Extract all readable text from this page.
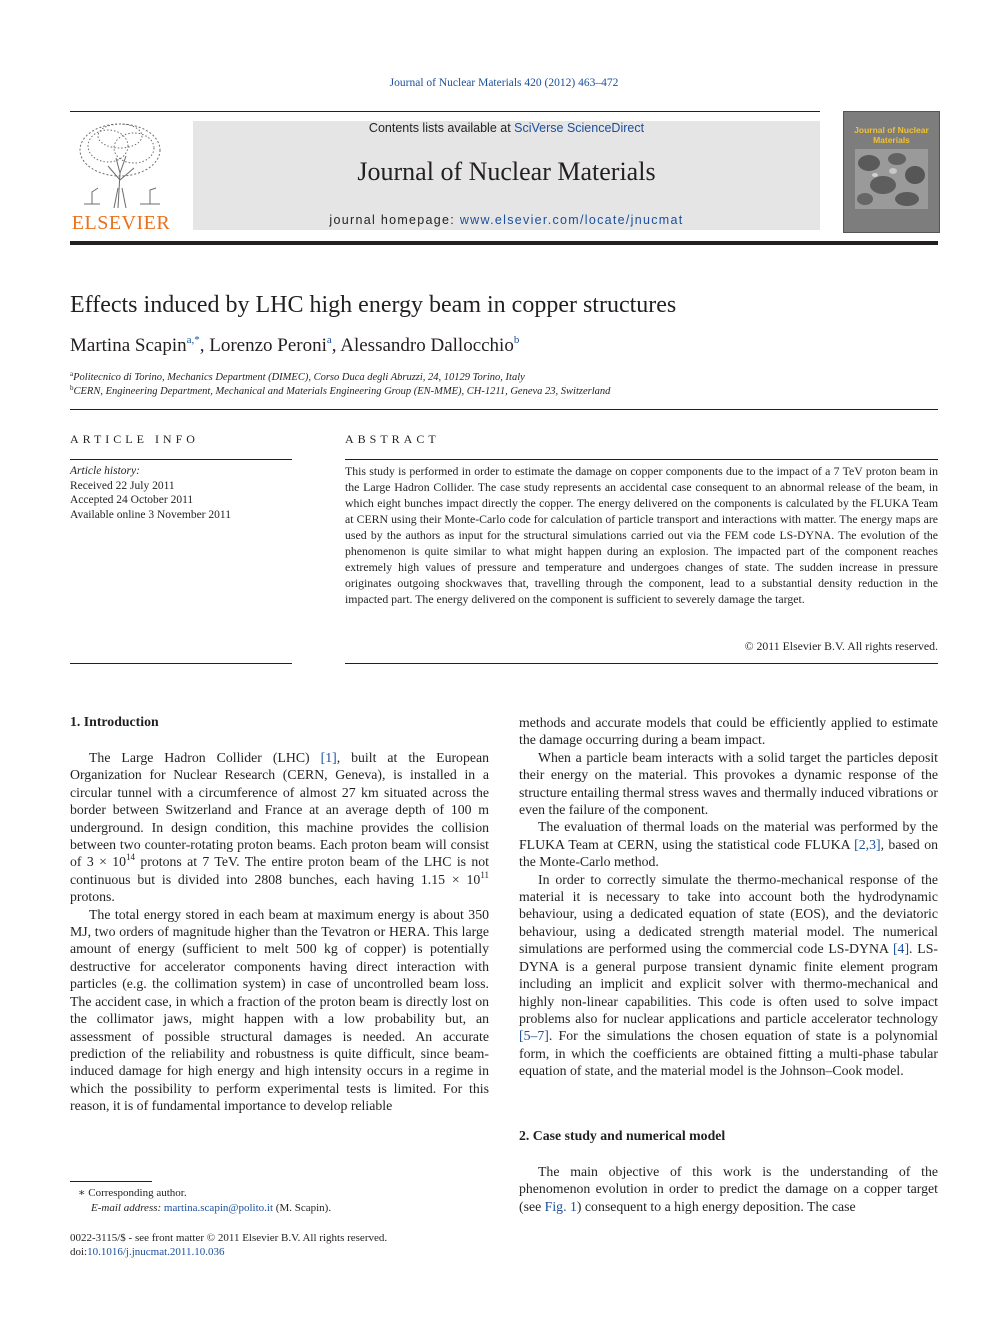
Journal of Nuclear Materials 420 (2012) 463–472
ELSEVIER
Contents lists available at SciVerse ScienceDirect
Journal of Nuclear Materials
journal homepage: www.elsevier.com/locate/jnucmat
Journal of Nuclear Materials
Effects induced by LHC high energy beam in copper structures
Martina Scapin$^{a,*}$, Lorenzo Peroni$^a$, Alessandro Dallocchio$^b$
$^a$Politecnico di Torino, Mechanics Department (DIMEC), Corso Duca degli Abruzzi, 24, 10129 Torino, Italy
$^b$CERN, Engineering Department, Mechanical and Materials Engineering Group (EN-MME), CH-1211, Geneva 23, Switzerland
ARTICLE INFO
Article history:
Received 22 July 2011
Accepted 24 October 2011
Available online 3 November 2011
ABSTRACT
This study is performed in order to estimate the damage on copper components due to the impact of a 7 TeV proton beam in the Large Hadron Collider. The case study represents an accidental case consequent to an abnormal release of the beam, in which eight bunches impact directly the copper. The energy delivered on the components is calculated by the FLUKA Team at CERN using their Monte-Carlo code for calculation of particle transport and interactions with matter. The energy maps are used by the authors as input for the structural simulations carried out via the FEM code LS-DYNA. The evolution of the phenomenon is quite similar to what might happen during an explosion. The impacted part of the component reaches extremely high values of pressure and temperature and undergoes changes of state. The sudden increase in pressure originates outgoing shockwaves that, travelling through the component, lead to a substantial density reduction in the impacted part. The energy delivered on the component is sufficient to severely damage the target.
© 2011 Elsevier B.V. All rights reserved.
1. Introduction

The Large Hadron Collider (LHC) [1], built at the European Organization for Nuclear Research (CERN, Geneva), is installed in a circular tunnel with a circumference of almost 27 km situated across the border between Switzerland and France at an average depth of 100 m underground. In design condition, this machine provides the collision between two counter-rotating proton beams. Each proton beam will consist of $3 \times 10^{14}$ protons at 7 TeV. The entire proton beam of the LHC is not continuous but is divided into 2808 bunches, each having $1.15 \times 10^{11}$ protons.

The total energy stored in each beam at maximum energy is about 350 MJ, two orders of magnitude higher than the Tevatron or HERA. This large amount of energy (sufficient to melt 500 kg of copper) is potentially destructive for accelerator components having direct interaction with particles (e.g. the collimation system) in case of uncontrolled beam loss. The accident case, in which a fraction of the proton beam is directly lost on the collimator jaws, might happen with a low probability but, an assessment of possible structural damages is needed. An accurate prediction of the reliability and robustness is quite difficult, since beam-induced damage for high energy and high intensity occurs in a regime in which the possibility to perform experimental tests is limited. For this reason, it is of fundamental importance to develop reliable

methods and accurate models that could be efficiently applied to estimate the damage occurring during a beam impact.

When a particle beam interacts with a solid target the particles deposit their energy on the material. This provokes a dynamic response of the structure entailing thermal stress waves and thermally induced vibrations or even the failure of the component.

The evaluation of thermal loads on the material was performed by the FLUKA Team at CERN, using the statistical code FLUKA [2,3], based on the Monte-Carlo method.

In order to correctly simulate the thermo-mechanical response of the material it is necessary to take into account both the hydrodynamic behaviour, using a dedicated equation of state (EOS), and the deviatoric behaviour, using a dedicated strength material model. The numerical simulations are performed using the commercial code LS-DYNA [4]. LS-DYNA is a general purpose transient dynamic finite element program including an implicit and explicit solver with thermo-mechanical and highly non-linear capabilities. This code is often used to solve impact problems also for nuclear applications and particle accelerator technology [5–7]. For the simulations the chosen equation of state is a polynomial form, in which the coefficients are obtained fitting a multi-phase tabular equation of state, and the material model is the Johnson–Cook model.

2. Case study and numerical model

The main objective of this work is the understanding of the phenomenon evolution in order to predict the damage on a copper target (see Fig. 1) consequent to a high energy deposition. The case

∗ Corresponding author.
E-mail address: martina.scapin@polito.it (M. Scapin).
0022-3115/$ - see front matter © 2011 Elsevier B.V. All rights reserved.
doi:10.1016/j.jnucmat.2011.10.036
